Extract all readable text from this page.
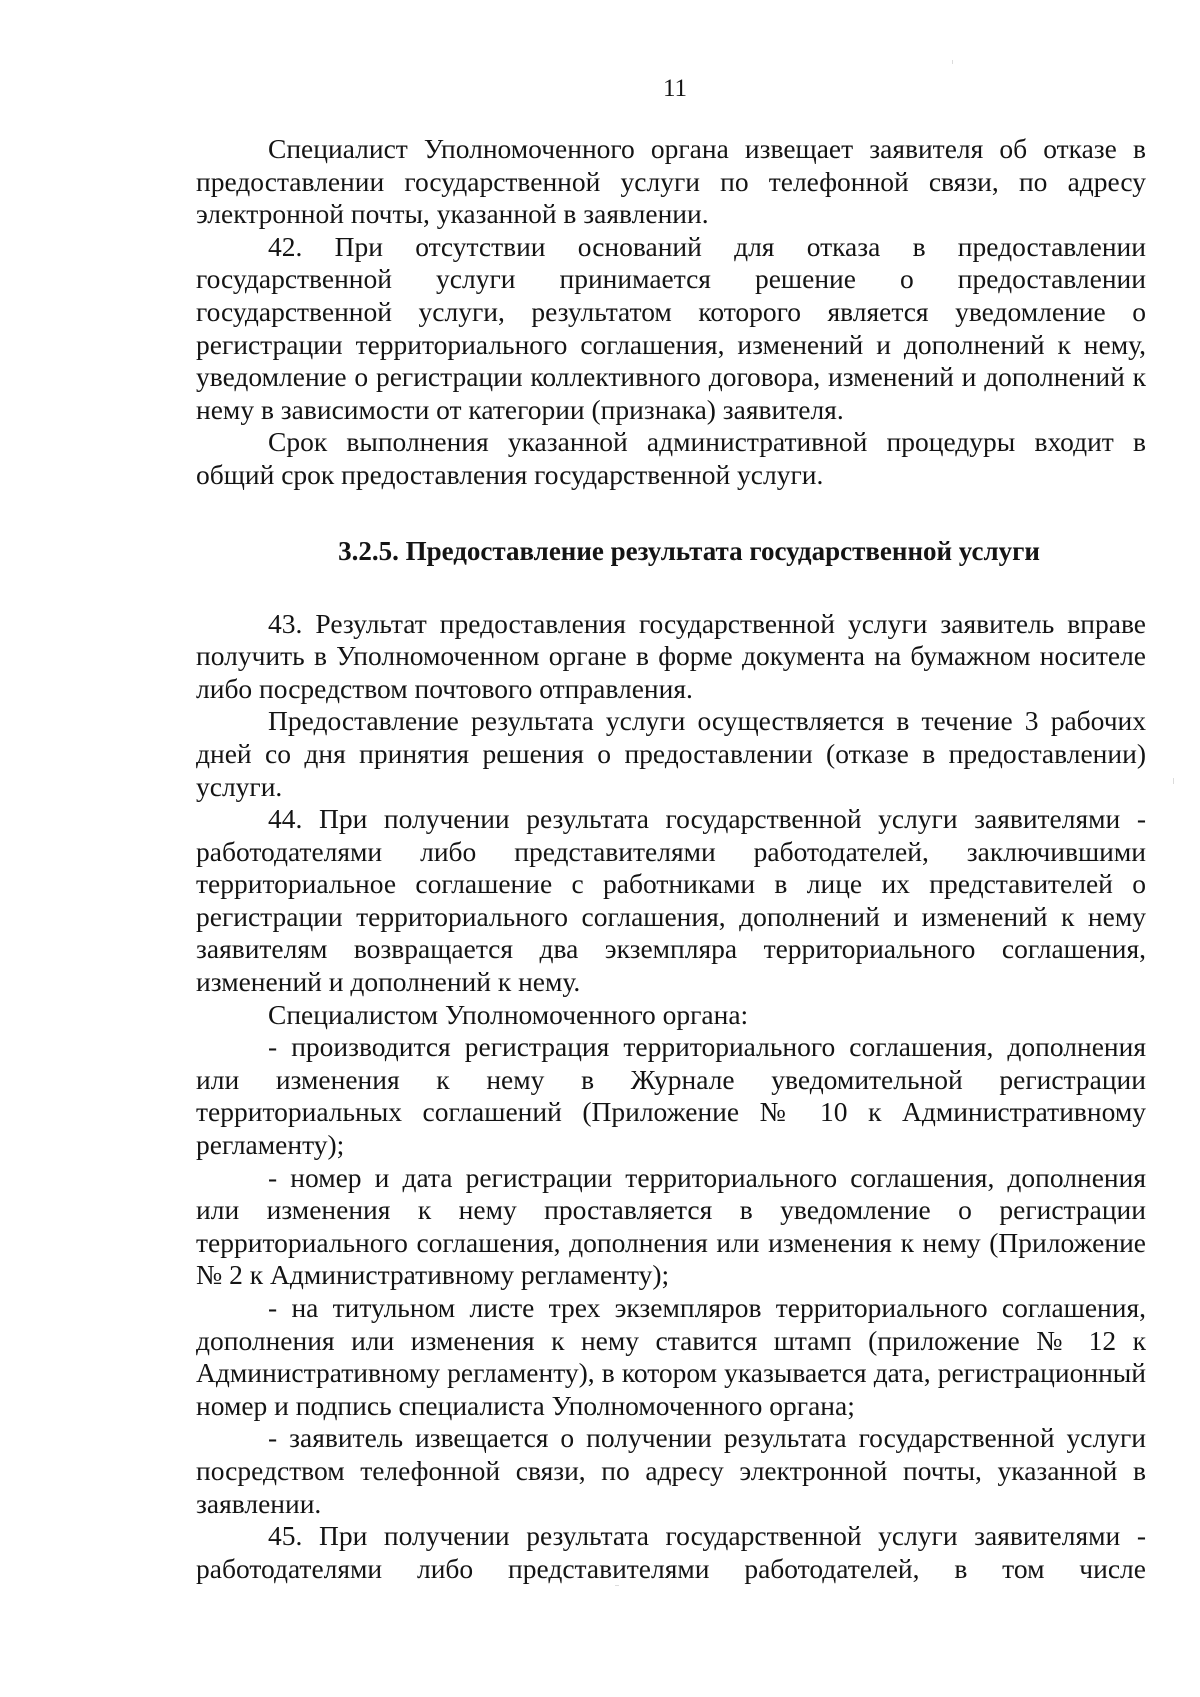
11

Специалист Уполномоченного органа извещает заявителя об отказе в предоставлении государственной услуги по телефонной связи, по адресу электронной почты, указанной в заявлении.

42. При отсутствии оснований для отказа в предоставлении государственной услуги принимается решение о предоставлении государственной услуги, результатом которого является уведомление о регистрации территориального соглашения, изменений и дополнений к нему, уведомление о регистрации коллективного договора, изменений и дополнений к нему в зависимости от категории (признака) заявителя.

Срок выполнения указанной административной процедуры входит в общий срок предоставления государственной услуги.

3.2.5. Предоставление результата государственной услуги

43. Результат предоставления государственной услуги заявитель вправе получить в Уполномоченном органе в форме документа на бумажном носителе либо посредством почтового отправления.

Предоставление результата услуги осуществляется в течение 3 рабочих дней со дня принятия решения о предоставлении (отказе в предоставлении) услуги.

44. При получении результата государственной услуги заявителями - работодателями либо представителями работодателей, заключившими территориальное соглашение с работниками в лице их представителей о регистрации территориального соглашения, дополнений и изменений к нему заявителям возвращается два экземпляра территориального соглашения, изменений и дополнений к нему.

Специалистом Уполномоченного органа:

- производится регистрация территориального соглашения, дополнения или изменения к нему в Журнале уведомительной регистрации территориальных соглашений (Приложение № 10 к Административному регламенту);

- номер и дата регистрации территориального соглашения, дополнения или изменения к нему проставляется в уведомление о регистрации территориального соглашения, дополнения или изменения к нему (Приложение № 2 к Административному регламенту);

- на титульном листе трех экземпляров территориального соглашения, дополнения или изменения к нему ставится штамп (приложение № 12 к Административному регламенту), в котором указывается дата, регистрационный номер и подпись специалиста Уполномоченного органа;

- заявитель извещается о получении результата государственной услуги посредством телефонной связи, по адресу электронной почты, указанной в заявлении.

45. При получении результата государственной услуги заявителями - работодателями либо представителями работодателей, в том числе
